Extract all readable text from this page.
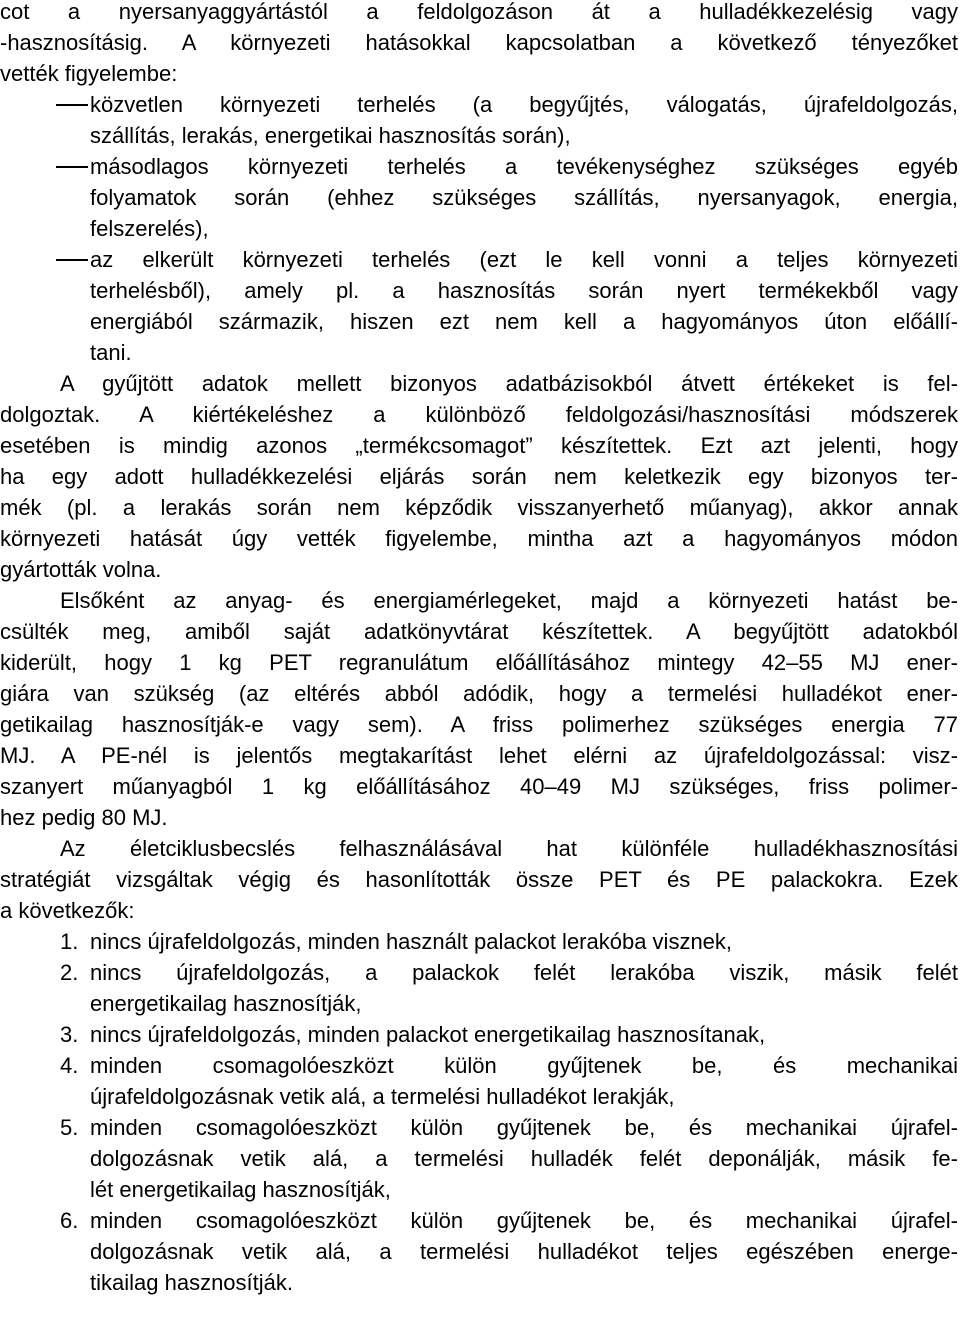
cot a nyersanyaggyártástól a feldolgozáson át a hulladékkezelésig vagy
-hasznosításig. A környezeti hatásokkal kapcsolatban a következő tényezőket
vették figyelembe:
közvetlen környezeti terhelés (a begyűjtés, válogatás, újrafeldolgozás,
szállítás, lerakás, energetikai hasznosítás során),
másodlagos környezeti terhelés a tevékenységhez szükséges egyéb
folyamatok során (ehhez szükséges szállítás, nyersanyagok, energia,
felszerelés),
az elkerült környezeti terhelés (ezt le kell vonni a teljes környezeti
terhelésből), amely pl. a hasznosítás során nyert termékekből vagy
energiából származik, hiszen ezt nem kell a hagyományos úton előállí-
tani.
A gyűjtött adatok mellett bizonyos adatbázisokból átvett értékeket is fel-
dolgoztak. A kiértékeléshez a különböző feldolgozási/hasznosítási módszerek
esetében is mindig azonos „termékcsomagot” készítettek. Ezt azt jelenti, hogy
ha egy adott hulladékkezelési eljárás során nem keletkezik egy bizonyos ter-
mék (pl. a lerakás során nem képződik visszanyerhető műanyag), akkor annak
környezeti hatását úgy vették figyelembe, mintha azt a hagyományos módon
gyártották volna.
Elsőként az anyag- és energiamérlegeket, majd a környezeti hatást be-
csülték meg, amiből saját adatkönyvtárat készítettek. A begyűjtött adatokból
kiderült, hogy 1 kg PET regranulátum előállításához mintegy 42–55 MJ ener-
giára van szükség (az eltérés abból adódik, hogy a termelési hulladékot ener-
getikailag hasznosítják-e vagy sem). A friss polimerhez szükséges energia 77
MJ. A PE-nél is jelentős megtakarítást lehet elérni az újrafeldolgozással: visz-
szanyert műanyagból 1 kg előállításához 40–49 MJ szükséges, friss polimer-
hez pedig 80 MJ.
Az életciklusbecslés felhasználásával hat különféle hulladékhasznosítási
stratégiát vizsgáltak végig és hasonlították össze PET és PE palackokra. Ezek
a következők:
1. nincs újrafeldolgozás, minden használt palackot lerakóba visznek,
2. nincs újrafeldolgozás, a palackok felét lerakóba viszik, másik felét
energetikailag hasznosítják,
3. nincs újrafeldolgozás, minden palackot energetikailag hasznosítanak,
4. minden csomagolóeszközt külön gyűjtenek be, és mechanikai
újrafeldolgozásnak vetik alá, a termelési hulladékot lerakják,
5. minden csomagolóeszközt külön gyűjtenek be, és mechanikai újrafel-
dolgozásnak vetik alá, a termelési hulladék felét deponálják, másik fe-
lét energetikailag hasznosítják,
6. minden csomagolóeszközt külön gyűjtenek be, és mechanikai újrafel-
dolgozásnak vetik alá, a termelési hulladékot teljes egészében energe-
tikailag hasznosítják.
